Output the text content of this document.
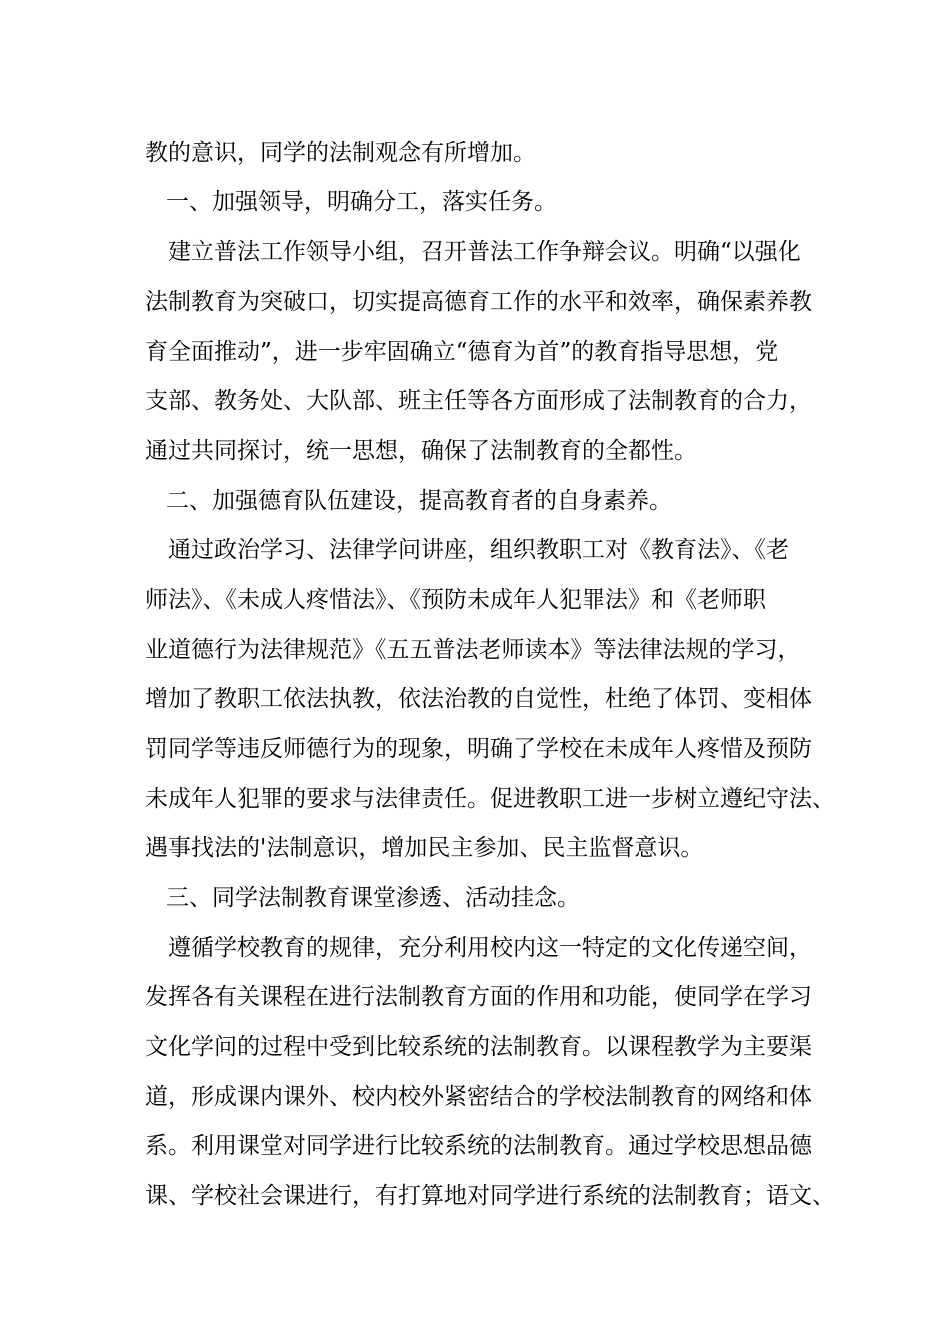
教的意识，同学的法制观念有所增加。
一、加强领导，明确分工，落实任务。
建立普法工作领导小组，召开普法工作争辩会议。明确“以强化
法制教育为突破口，切实提高德育工作的水平和效率，确保素养教
育全面推动”，进一步牢固确立“德育为首”的教育指导思想，党
支部、教务处、大队部、班主任等各方面形成了法制教育的合力，
通过共同探讨，统一思想，确保了法制教育的全都性。
二、加强德育队伍建设，提高教育者的自身素养。
通过政治学习、法律学问讲座，组织教职工对《教育法》、《老
师法》、《未成人疼惜法》、《预防未成年人犯罪法》和《老师职
业道德行为法律规范》《五五普法老师读本》等法律法规的学习，
增加了教职工依法执教，依法治教的自觉性，杜绝了体罚、变相体
罚同学等违反师德行为的现象，明确了学校在未成年人疼惜及预防
未成年人犯罪的要求与法律责任。促进教职工进一步树立遵纪守法、
遇事找法的'法制意识，增加民主参加、民主监督意识。
三、同学法制教育课堂渗透、活动挂念。
遵循学校教育的规律，充分利用校内这一特定的文化传递空间，
发挥各有关课程在进行法制教育方面的作用和功能，使同学在学习
文化学问的过程中受到比较系统的法制教育。以课程教学为主要渠
道，形成课内课外、校内校外紧密结合的学校法制教育的网络和体
系。利用课堂对同学进行比较系统的法制教育。通过学校思想品德
课、学校社会课进行，有打算地对同学进行系统的法制教育；语文、
